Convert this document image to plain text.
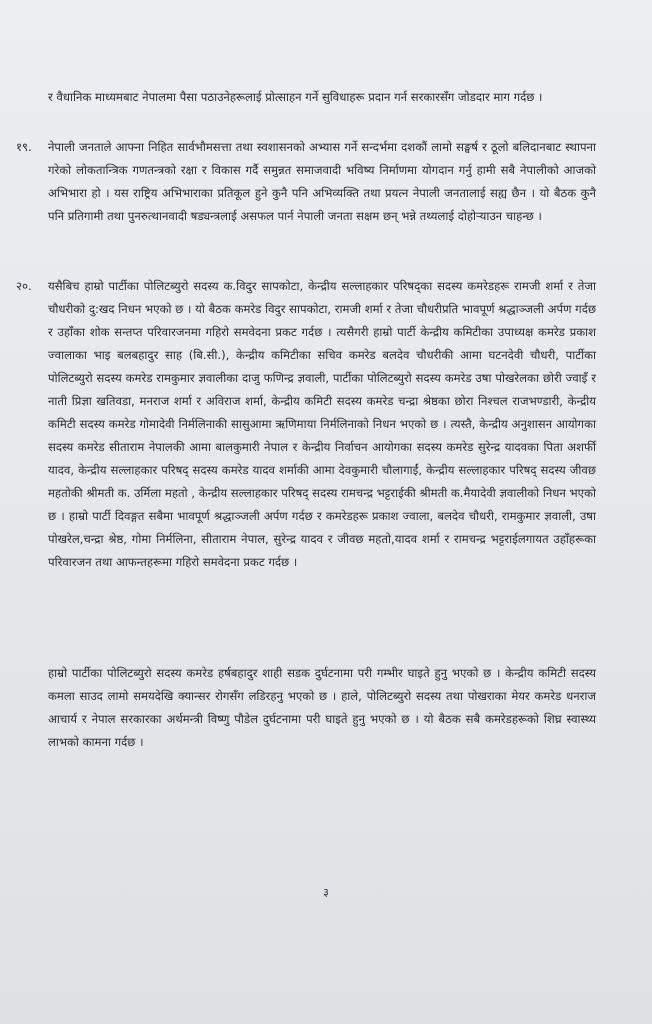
र वैधानिक माध्यमबाट नेपालमा पैसा पठाउनेहरूलाई प्रोत्साहन गर्ने सुविधाहरू प्रदान गर्न सरकारसँग जोडदार माग गर्दछ ।
१९.	नेपाली जनताले आफ्ना निहित सार्वभौमसत्ता तथा स्वशासनको अभ्यास गर्ने सन्दर्भमा दशकौं लामो सङ्घर्ष र ठूलो बलिदानबाट स्थापना गरेको लोकतान्त्रिक गणतन्त्रको रक्षा र विकास गर्दै समुन्नत समाजवादी भविष्य निर्माणमा योगदान गर्नु हामी सबै नेपालीको आजको अभिभारा हो । यस राष्ट्रिय अभिभाराका प्रतिकूल हुने कुनै पनि अभिव्यक्ति तथा प्रयत्न नेपाली जनतालाई सह्य छैन । यो बैठक कुनै पनि प्रतिगामी तथा पुनरुत्थानवादी षड्यन्त्रलाई असफल पार्न नेपाली जनता सक्षम छन् भन्ने तथ्यलाई दोहोऱ्याउन चाहन्छ ।
२०.	यसैबिच हाम्रो पार्टीका पोलिटब्युरो सदस्य क.विदुर सापकोटा, केन्द्रीय सल्लाहकार परिषद्का सदस्य कमरेडहरू रामजी शर्मा र तेजा चौधरीको दु:खद निधन भएको छ । यो बैठक कमरेड विदुर सापकोटा, रामजी शर्मा र तेजा चौधरीप्रति भावपूर्ण श्रद्धाञ्जली अर्पण गर्दछ र उहाँका शोक सन्तप्त परिवारजनमा गहिरो समवेदना प्रकट गर्दछ । त्यसैगरी हाम्रो पार्टी केन्द्रीय कमिटीका उपाध्यक्ष कमरेड प्रकाश ज्वालाका भाइ बलबहादुर साह (बि.सी.), केन्द्रीय कमिटीका सचिव कमरेड बलदेव चौधरीकी आमा घटनदेवी चौधरी, पार्टीका पोलिटब्युरो सदस्य कमरेड रामकुमार ज्ञवालीका दाजु फणिन्द्र ज्ञवाली, पार्टीका पोलिटब्युरो सदस्य कमरेड उषा पोखरेलका छोरी ज्वाइँ र नाती प्रिज्ञा खतिवडा, मनराज शर्मा र अविराज शर्मा, केन्द्रीय कमिटी सदस्य कमरेड चन्द्रा श्रेष्ठका छोरा निश्चल राजभण्डारी, केन्द्रीय कमिटी सदस्य कमरेड गोमादेवी निर्मलिनाकी सासुआमा ऋणिमाया निर्मलिनाको निधन भएको छ । त्यस्तै, केन्द्रीय अनुशासन आयोगका सदस्य कमरेड सीताराम नेपालकी आमा बालकुमारी नेपाल र केन्द्रीय निर्वाचन आयोगका सदस्य कमरेड सुरेन्द्र यादवका पिता अशर्फी यादव, केन्द्रीय सल्लाहकार परिषद् सदस्य कमरेड यादव शर्माकी आमा देवकुमारी चौलागाईं, केन्द्रीय सल्लाहकार परिषद् सदस्य जीवछ महतोकी श्रीमती क. उर्मिला महतो , केन्द्रीय सल्लाहकार परिषद् सदस्य रामचन्द्र भट्टराईकी श्रीमती क.मैयादेवी ज्ञवालीको निधन भएको छ । हाम्रो पार्टी दिवङ्गत सबैमा भावपूर्ण श्रद्धाञ्जली अर्पण गर्दछ र कमरेडहरू प्रकाश ज्वाला, बलदेव चौधरी, रामकुमार ज्ञवाली, उषा पोखरेल,चन्द्रा श्रेष्ठ, गोमा निर्मलिना, सीताराम नेपाल, सुरेन्द्र यादव र जीवछ महतो,यादव शर्मा र रामचन्द्र भट्टराईलगायत उहाँहरूका परिवारजन तथा आफन्तहरूमा गहिरो समवेदना प्रकट गर्दछ ।
हाम्रो पार्टीका पोलिटब्युरो सदस्य कमरेड हर्षबहादुर शाही सडक दुर्घटनामा परी गम्भीर घाइते हुनु भएको छ । केन्द्रीय कमिटी सदस्य कमला साउद लामो समयदेखि क्यान्सर रोगसँग लडिरहनु भएको छ । हाले, पोलिटब्युरो सदस्य तथा पोखराका मेयर कमरेड धनराज आचार्य र नेपाल सरकारका अर्थमन्त्री विष्णु पौडेल दुर्घटनामा परी घाइते हुनु भएको छ । यो बैठक सबै कमरेडहरूको शिघ्र स्वास्थ्य लाभको कामना गर्दछ ।
३
